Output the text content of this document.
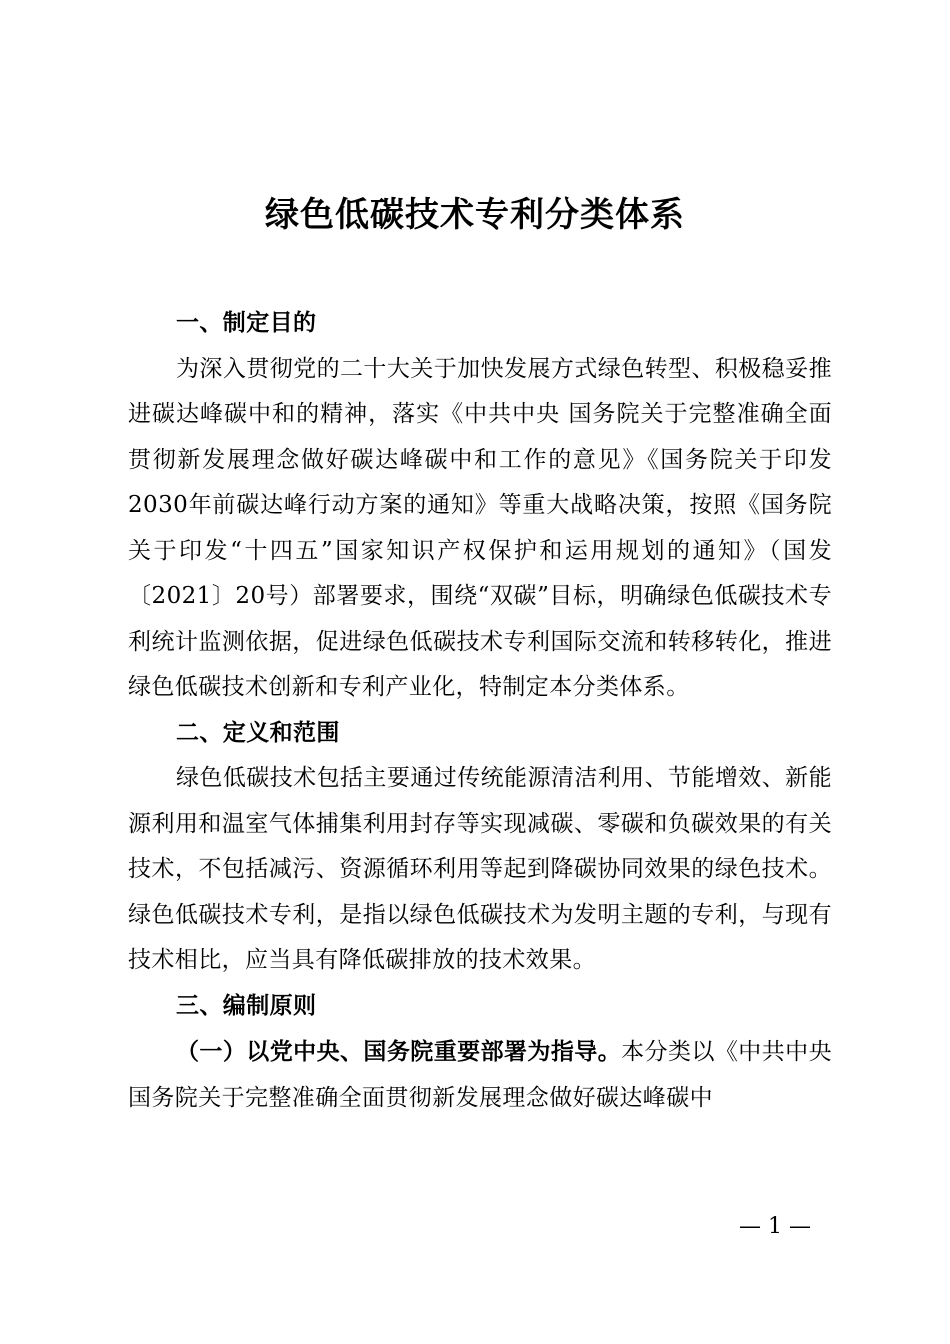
绿色低碳技术专利分类体系

一、制定目的

为深入贯彻党的二十大关于加快发展方式绿色转型、积极稳妥推进碳达峰碳中和的精神，落实《中共中央 国务院关于完整准确全面贯彻新发展理念做好碳达峰碳中和工作的意见》《国务院关于印发2030年前碳达峰行动方案的通知》等重大战略决策，按照《国务院关于印发“十四五”国家知识产权保护和运用规划的通知》（国发〔2021〕20号）部署要求，围绕“双碳”目标，明确绿色低碳技术专利统计监测依据，促进绿色低碳技术专利国际交流和转移转化，推进绿色低碳技术创新和专利产业化，特制定本分类体系。

二、定义和范围

绿色低碳技术包括主要通过传统能源清洁利用、节能增效、新能源利用和温室气体捕集利用封存等实现减碳、零碳和负碳效果的有关技术，不包括减污、资源循环利用等起到降碳协同效果的绿色技术。绿色低碳技术专利，是指以绿色低碳技术为发明主题的专利，与现有技术相比，应当具有降低碳排放的技术效果。

三、编制原则

（一）以党中央、国务院重要部署为指导。本分类以《中共中央 国务院关于完整准确全面贯彻新发展理念做好碳达峰碳中

— 1 —
